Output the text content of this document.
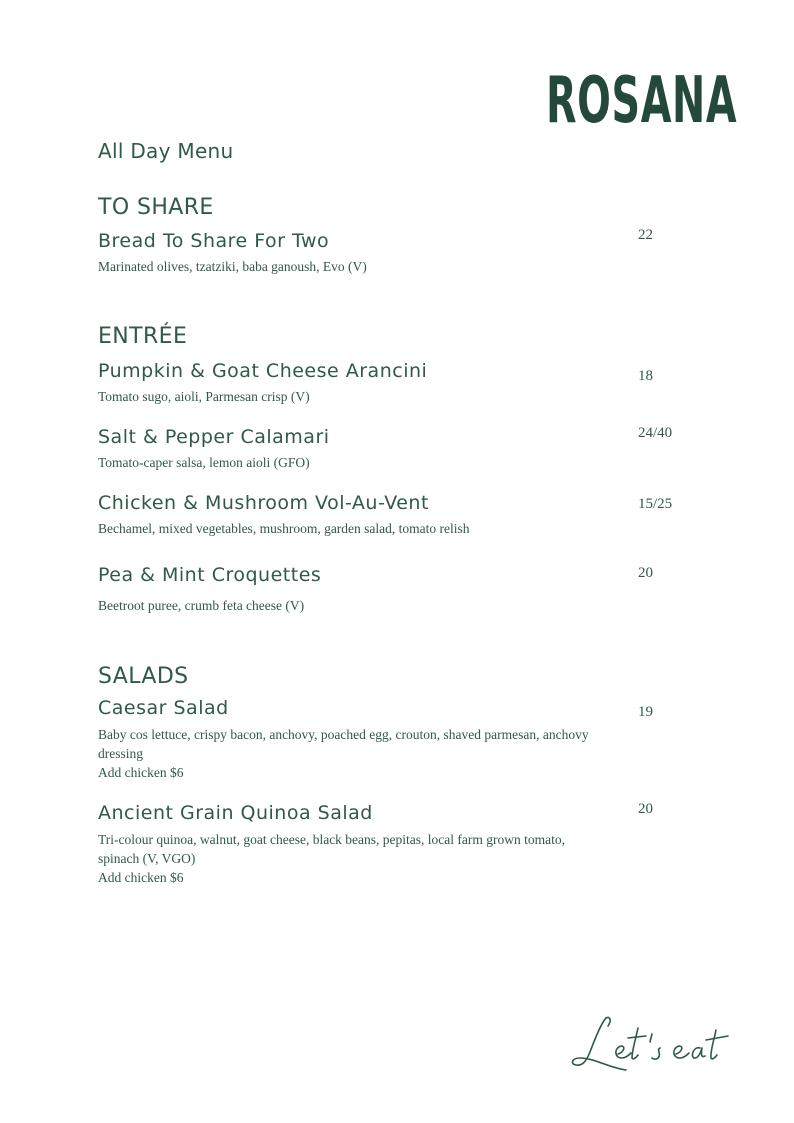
ROSANA
All Day Menu
TO SHARE
Bread To Share For Two	22
Marinated olives, tzatziki, baba ganoush, Evo (V)
ENTRÉE
Pumpkin & Goat Cheese Arancini	18
Tomato sugo, aioli, Parmesan crisp (V)
Salt & Pepper Calamari	24/40
Tomato-caper salsa, lemon aioli (GFO)
Chicken & Mushroom Vol-Au-Vent	15/25
Bechamel, mixed vegetables, mushroom, garden salad, tomato relish
Pea & Mint Croquettes	20
Beetroot puree, crumb feta cheese (V)
SALADS
Caesar Salad	19
Baby cos lettuce, crispy bacon, anchovy, poached egg, crouton, shaved parmesan, anchovy dressing
Add chicken $6
Ancient Grain Quinoa Salad	20
Tri-colour quinoa, walnut, goat cheese, black beans, pepitas, local farm grown tomato, spinach (V, VGO)
Add chicken $6
